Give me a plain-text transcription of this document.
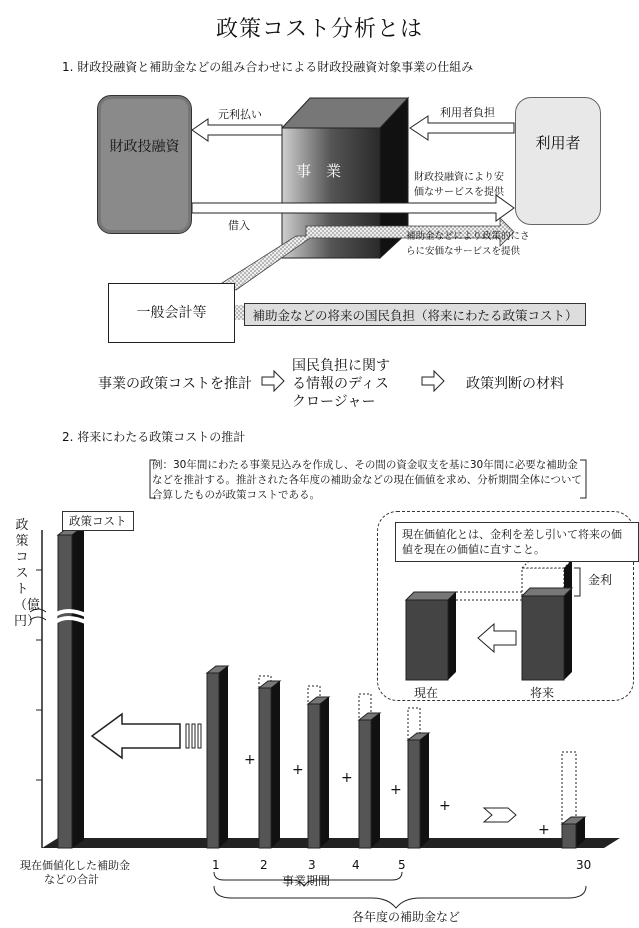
政策コスト分析とは
1. 財政投融資と補助金などの組み合わせによる財政投融資対象事業の仕組み
財政投融資	利用者
事　業
元利払い	利用者負担
借入
財政投融資により安
価なサービスを提供
補助金などにより政策的にさ
らに安価なサービスを提供
一般会計等	補助金などの将来の国民負担（将来にわたる政策コスト）
事業の政策コストを推計
国民負担に関す
る情報のディス
クロージャー
政策判断の材料
2. 将来にわたる政策コストの推計
例：30年間にわたる事業見込みを作成し、その間の資金収支を基に30年間に必要な補助金などを推計する。推計された各年度の補助金などの現在価値を求め、分析期間全体について合算したものが政策コストである。
現在価値化とは、金利を差し引いて将来の価値を現在の価値に直すこと。
金利
現在	将来
政策コスト（億円）
政策コスト
+
+	+
+
+
+
現在価値化した補助金
などの合計
1	2	3	4	5	30
事業期間
各年度の補助金など
